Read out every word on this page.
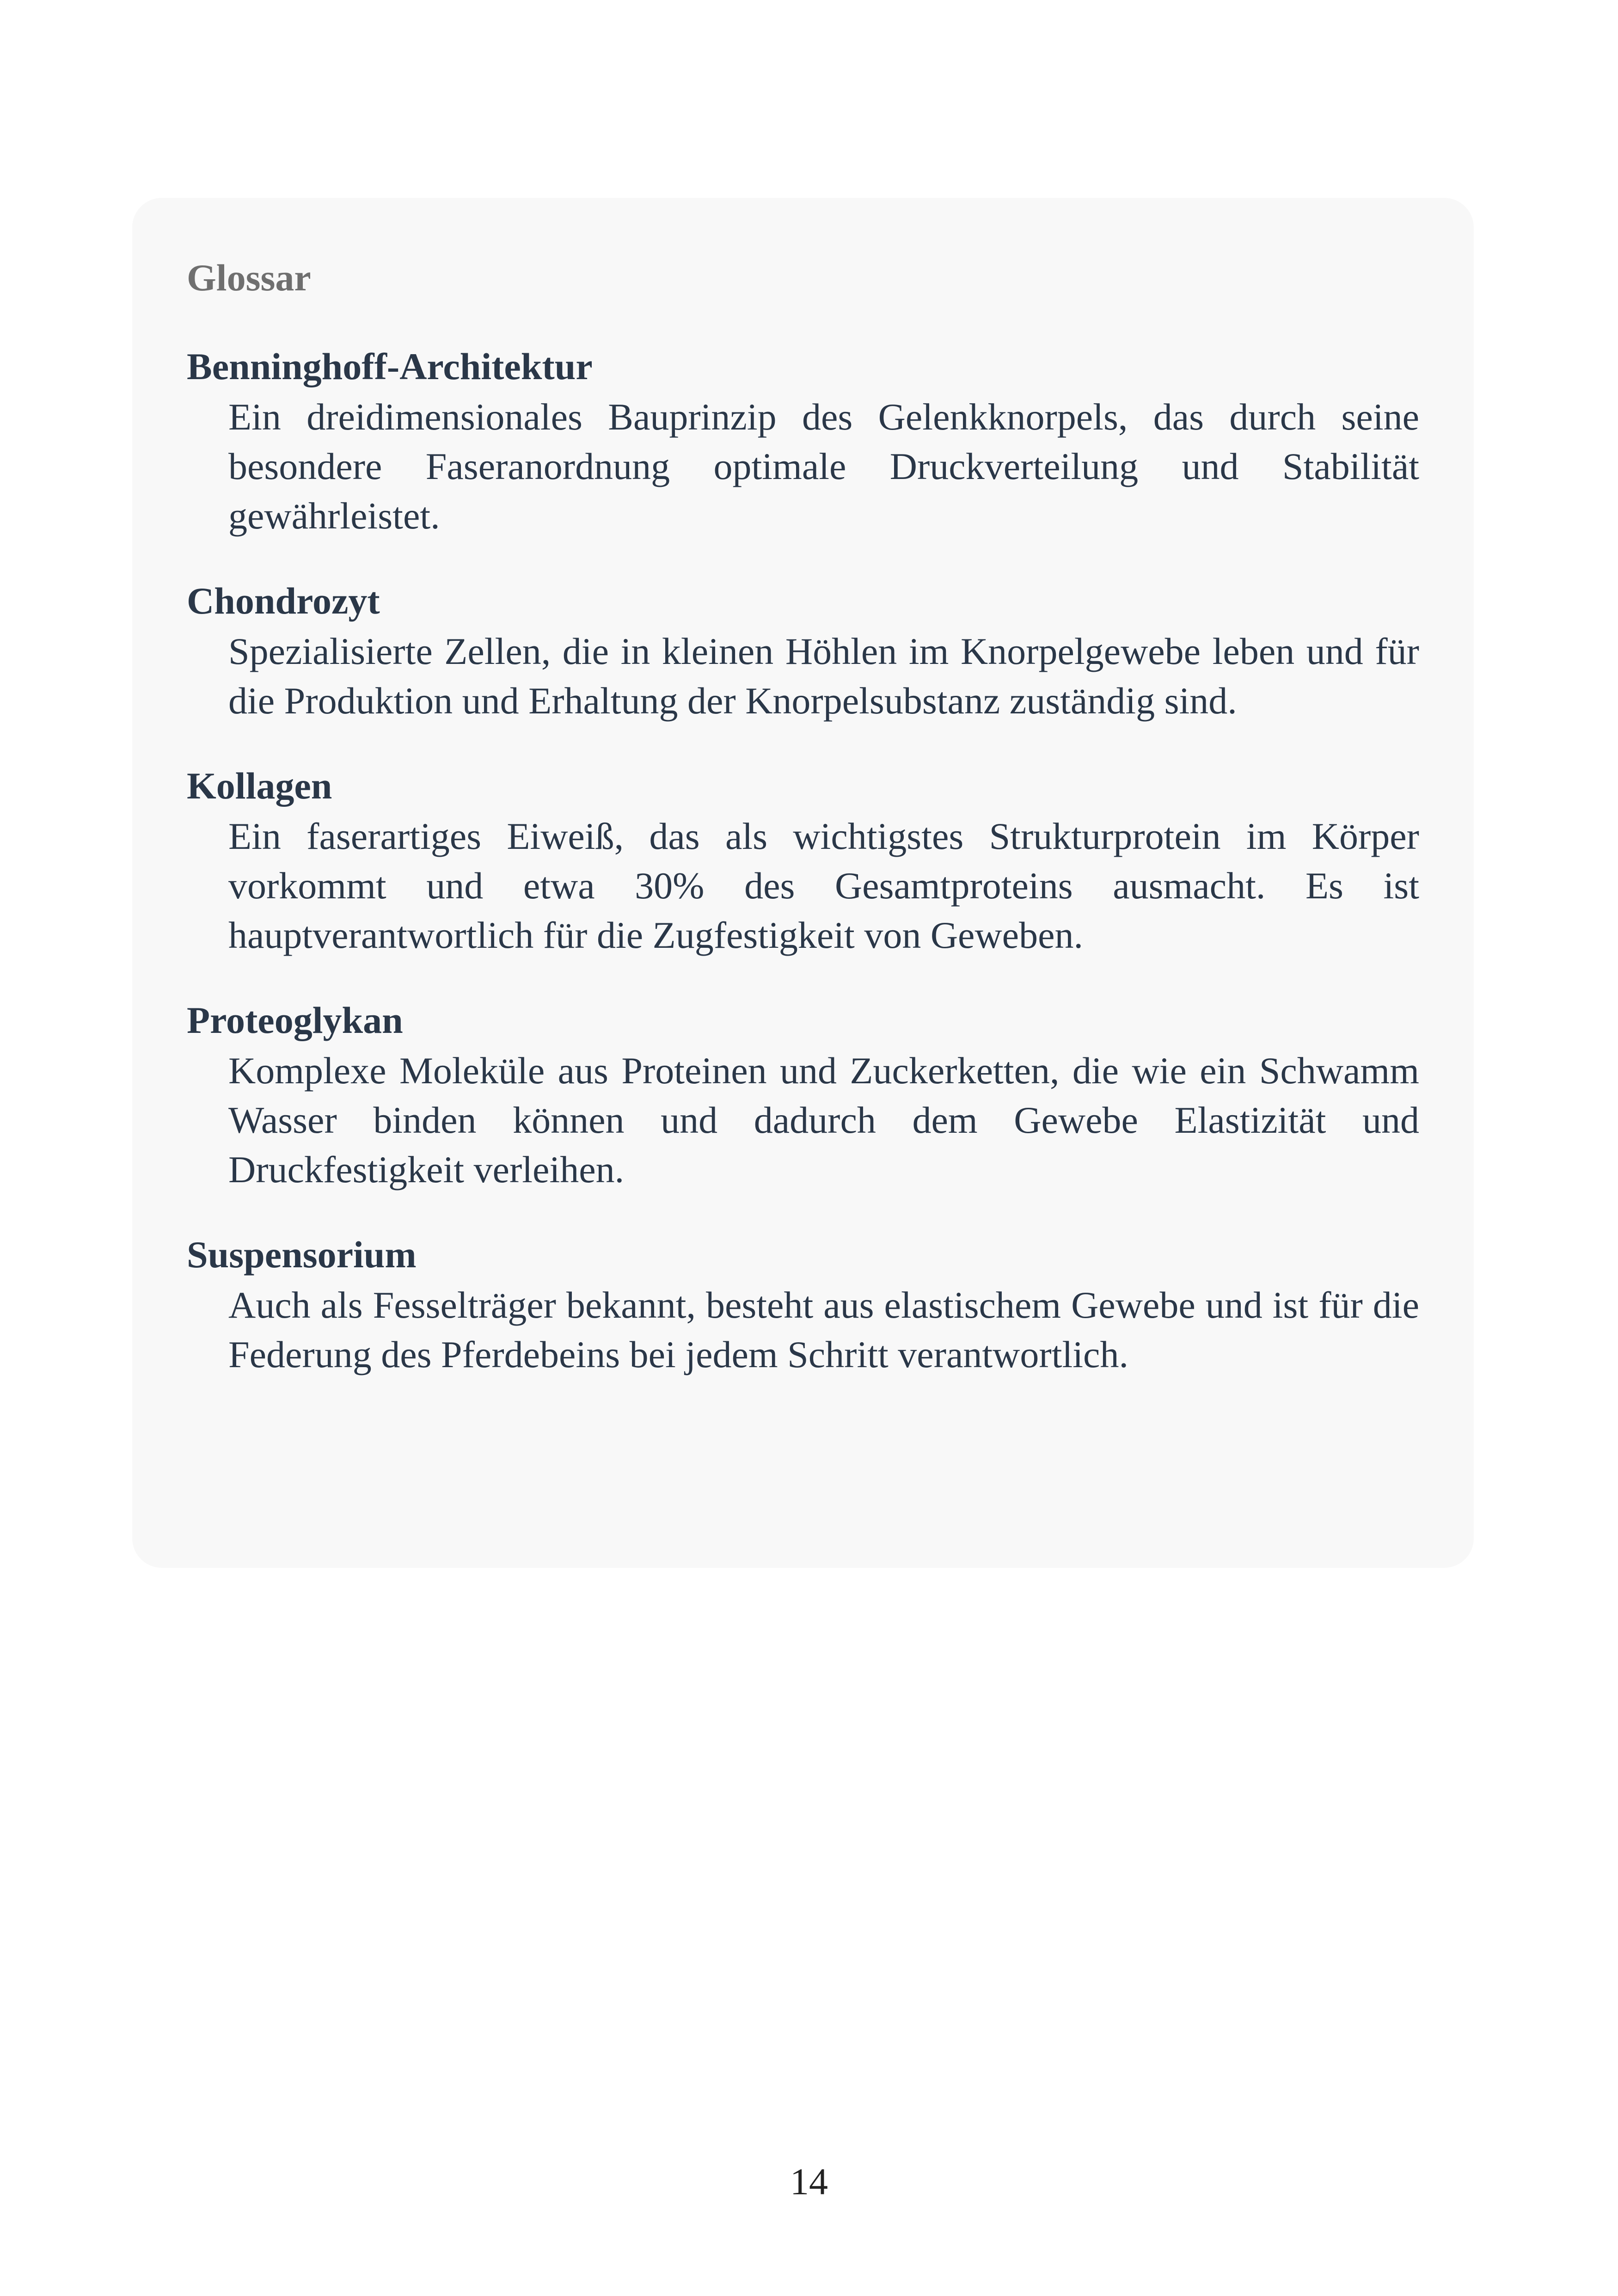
Glossar
Benninghoff-Architektur
Ein dreidimensionales Bauprinzip des Gelenkknorpels, das durch seine besondere Faseranordnung optimale Druckverteilung und Stabilität gewährleistet.
Chondrozyt
Spezialisierte Zellen, die in kleinen Höhlen im Knorpelgewebe leben und für die Produktion und Erhaltung der Knorpelsubstanz zuständig sind.
Kollagen
Ein faserartiges Eiweiß, das als wichtigstes Strukturprotein im Körper vorkommt und etwa 30% des Gesamtproteins ausmacht. Es ist hauptverantwortlich für die Zugfestigkeit von Geweben.
Proteoglykan
Komplexe Moleküle aus Proteinen und Zuckerketten, die wie ein Schwamm Wasser binden können und dadurch dem Gewebe Elastizität und Druckfestigkeit verleihen.
Suspensorium
Auch als Fesselträger bekannt, besteht aus elastischem Gewebe und ist für die Federung des Pferdebeins bei jedem Schritt verantwortlich.
14
